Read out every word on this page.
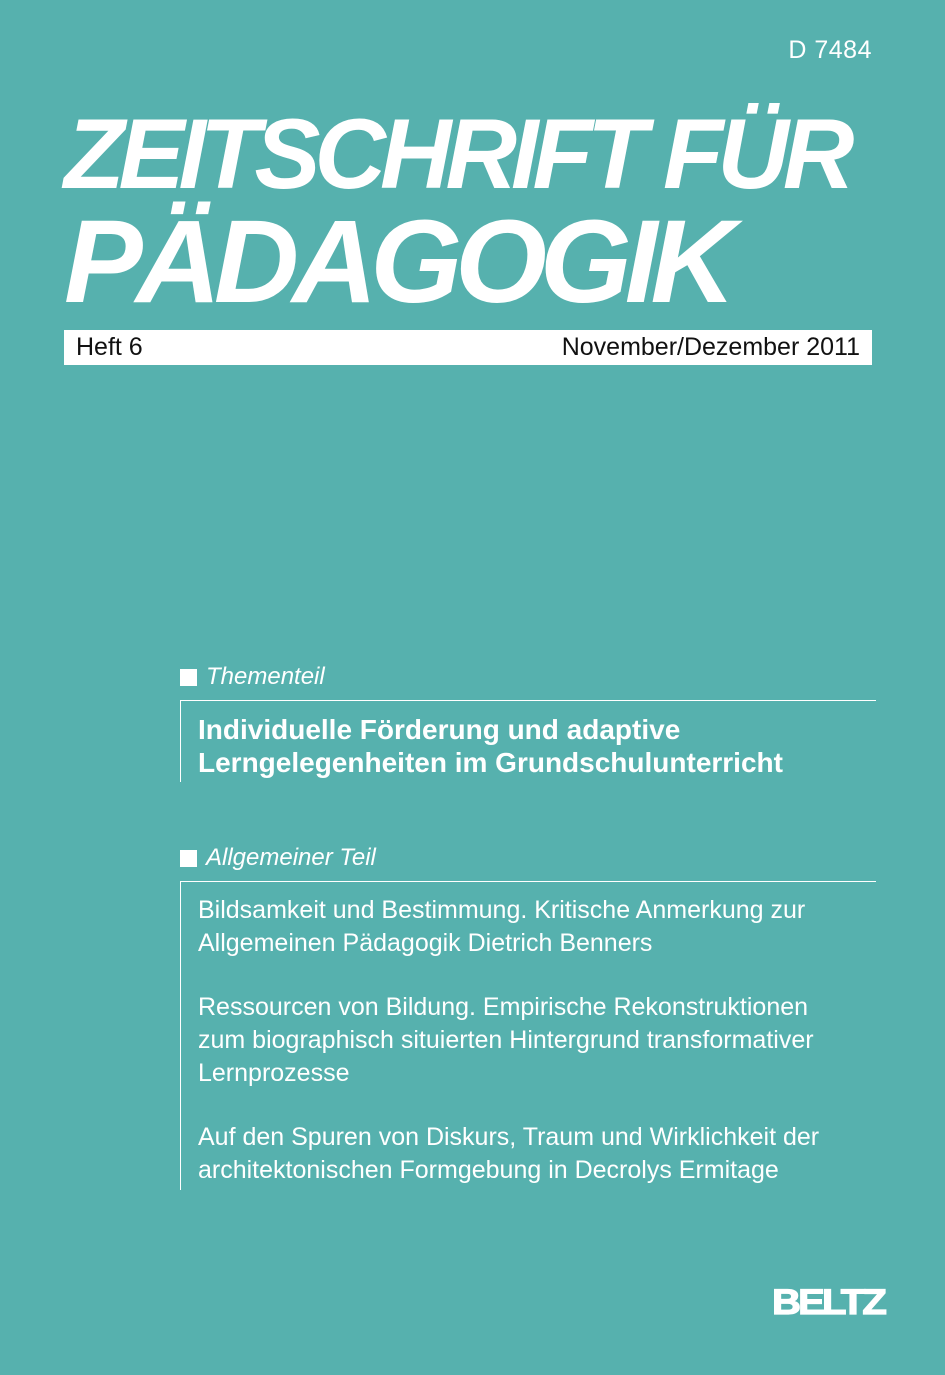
D 7484
ZEITSCHRIFT FÜR
PÄDAGOGIK
Heft 6	November/Dezember 2011
Thementeil
Individuelle Förderung und adaptive
Lerngelegenheiten im Grundschulunterricht
Allgemeiner Teil
Bildsamkeit und Bestimmung. Kritische Anmerkung zur
Allgemeinen Pädagogik Dietrich Benners
Ressourcen von Bildung. Empirische Rekonstruktionen
zum biographisch situierten Hintergrund transformativer
Lernprozesse
Auf den Spuren von Diskurs, Traum und Wirklichkeit der
architektonischen Formgebung in Decrolys Ermitage
BELTZ
